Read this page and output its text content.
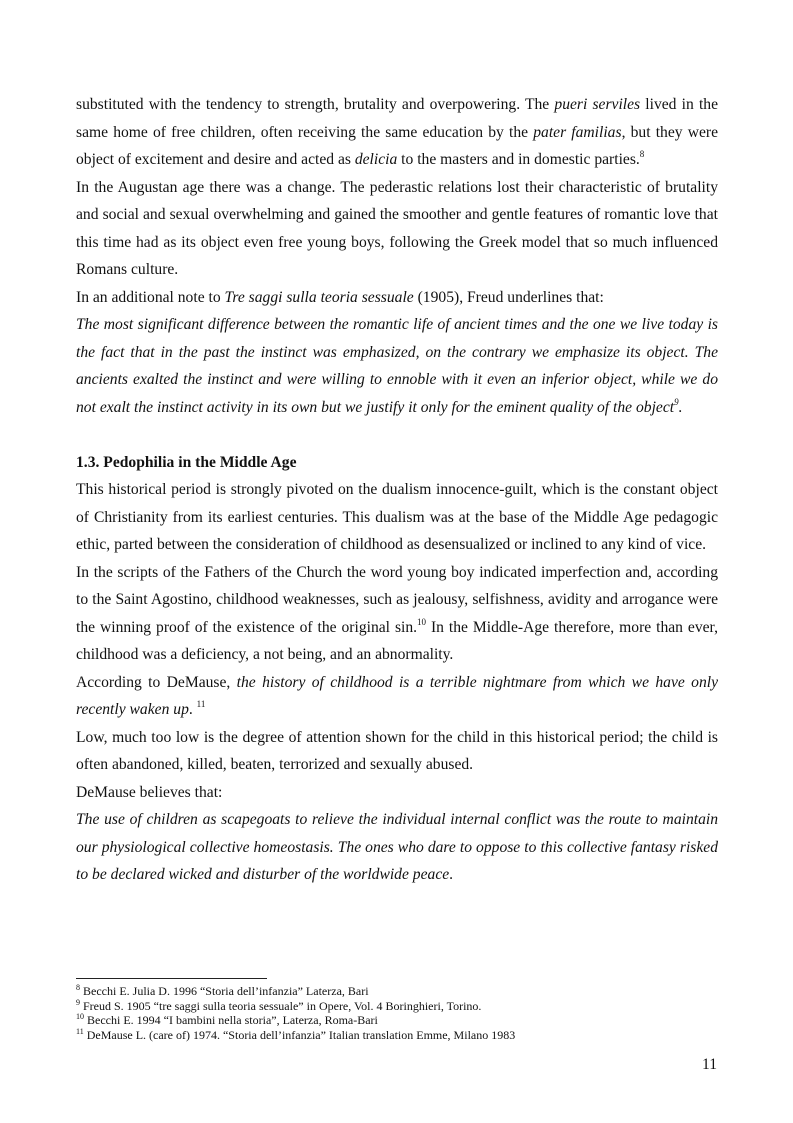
substituted with the tendency to strength, brutality and overpowering. The pueri serviles lived in the same home of free children, often receiving the same education by the pater familias, but they were object of excitement and desire and acted as delicia to the masters and in domestic parties.$^8$

In the Augustan age there was a change. The pederastic relations lost their characteristic of brutality and social and sexual overwhelming and gained the smoother and gentle features of romantic love that this time had as its object even free young boys, following the Greek model that so much influenced Romans culture.

In an additional note to Tre saggi sulla teoria sessuale (1905), Freud underlines that:

The most significant difference between the romantic life of ancient times and the one we live today is the fact that in the past the instinct was emphasized, on the contrary we emphasize its object. The ancients exalted the instinct and were willing to ennoble with it even an inferior object, while we do not exalt the instinct activity in its own but we justify it only for the eminent quality of the object$^9$.

1.3. Pedophilia in the Middle Age

This historical period is strongly pivoted on the dualism innocence-guilt, which is the constant object of Christianity from its earliest centuries. This dualism was at the base of the Middle Age pedagogic ethic, parted between the consideration of childhood as desensualized or inclined to any kind of vice.

In the scripts of the Fathers of the Church the word young boy indicated imperfection and, according to the Saint Agostino, childhood weaknesses, such as jealousy, selfishness, avidity and arrogance were the winning proof of the existence of the original sin.$^{10}$ In the Middle-Age therefore, more than ever, childhood was a deficiency, a not being, and an abnormality.

According to DeMause, the history of childhood is a terrible nightmare from which we have only recently waken up. $^{11}$

Low, much too low is the degree of attention shown for the child in this historical period; the child is often abandoned, killed, beaten, terrorized and sexually abused.

DeMause believes that:

The use of children as scapegoats to relieve the individual internal conflict was the route to maintain our physiological collective homeostasis. The ones who dare to oppose to this collective fantasy risked to be declared wicked and disturber of the worldwide peace.

$^8$ Becchi E. Julia D. 1996 “Storia dell’infanzia” Laterza, Bari
$^9$ Freud S. 1905 “tre saggi sulla teoria sessuale” in Opere, Vol. 4 Boringhieri, Torino.
$^{10}$ Becchi E. 1994 “I bambini nella storia”, Laterza, Roma-Bari
$^{11}$ DeMause L. (care of) 1974. “Storia dell’infanzia” Italian translation Emme, Milano 1983
11
